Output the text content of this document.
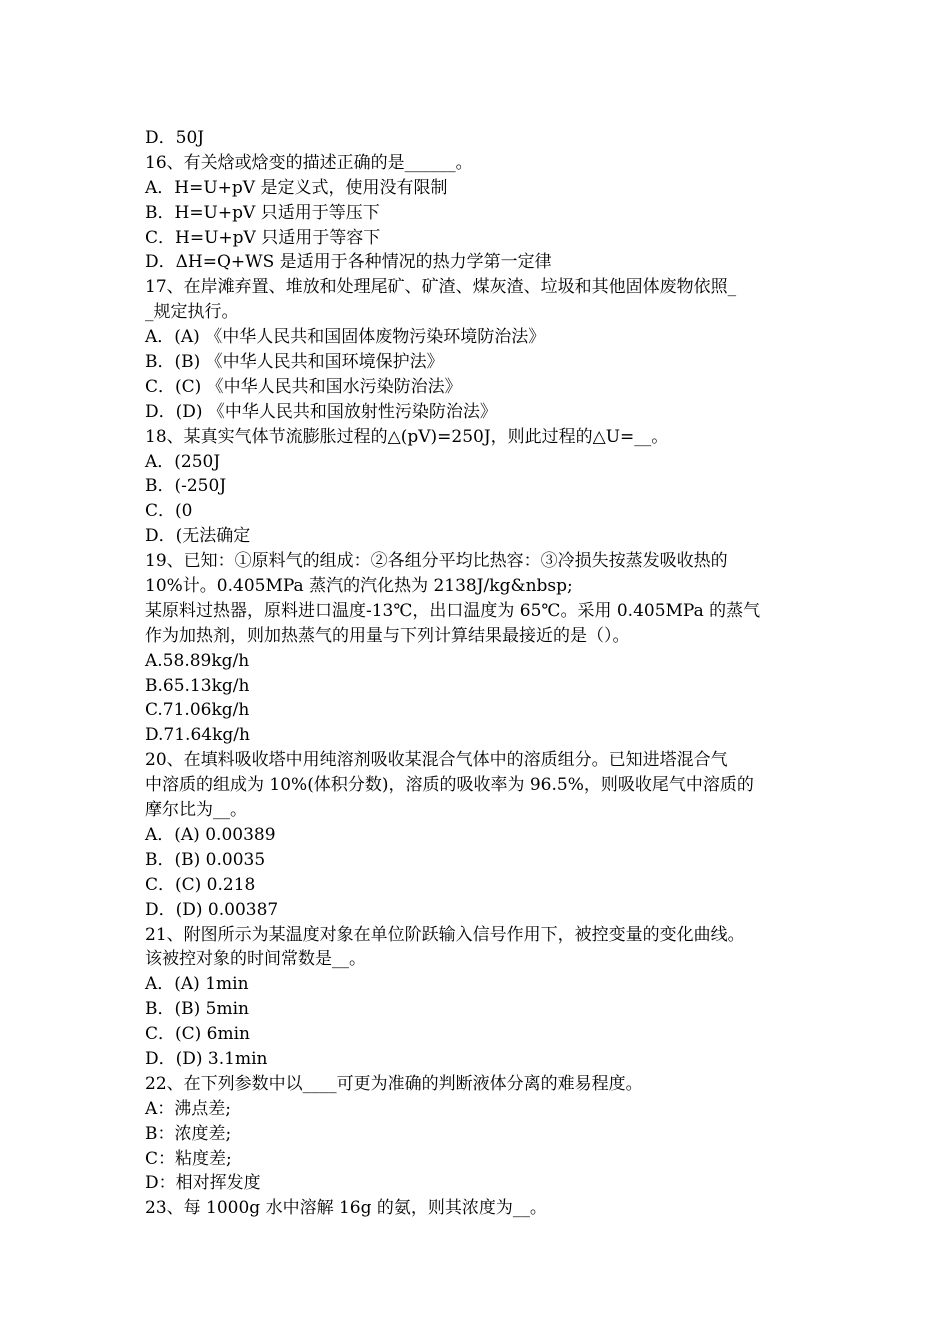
D．50J
16、有关焓或焓变的描述正确的是______。
A．H=U+pV 是定义式，使用没有限制
B．H=U+pV 只适用于等压下
C．H=U+pV 只适用于等容下
D．ΔH=Q+WS 是适用于各种情况的热力学第一定律
17、在岸滩弃置、堆放和处理尾矿、矿渣、煤灰渣、垃圾和其他固体废物依照_
_规定执行。
A．(A) 《中华人民共和国固体废物污染环境防治法》
B．(B) 《中华人民共和国环境保护法》
C．(C) 《中华人民共和国水污染防治法》
D．(D) 《中华人民共和国放射性污染防治法》
18、某真实气体节流膨胀过程的△(pV)=250J，则此过程的△U=__。
A．(250J
B．(-250J
C．(0
D．(无法确定
19、已知：①原料气的组成：②各组分平均比热容：③冷损失按蒸发吸收热的
10%计。0.405MPa 蒸汽的汽化热为 2138J/kg&nbsp;
某原料过热器，原料进口温度-13℃，出口温度为 65℃。采用 0.405MPa 的蒸气
作为加热剂，则加热蒸气的用量与下列计算结果最接近的是（）。
A.58.89kg/h
B.65.13kg/h
C.71.06kg/h
D.71.64kg/h
20、在填料吸收塔中用纯溶剂吸收某混合气体中的溶质组分。已知进塔混合气
中溶质的组成为 10%(体积分数)，溶质的吸收率为 96.5%，则吸收尾气中溶质的
摩尔比为__。
A．(A) 0.00389
B．(B) 0.0035
C．(C) 0.218
D．(D) 0.00387
21、附图所示为某温度对象在单位阶跃输入信号作用下，被控变量的变化曲线。
该被控对象的时间常数是__。
A．(A) 1min
B．(B) 5min
C．(C) 6min
D．(D) 3.1min
22、在下列参数中以____可更为准确的判断液体分离的难易程度。
A：沸点差;
B：浓度差;
C：粘度差;
D：相对挥发度
23、每 1000g 水中溶解 16g 的氨，则其浓度为__。
